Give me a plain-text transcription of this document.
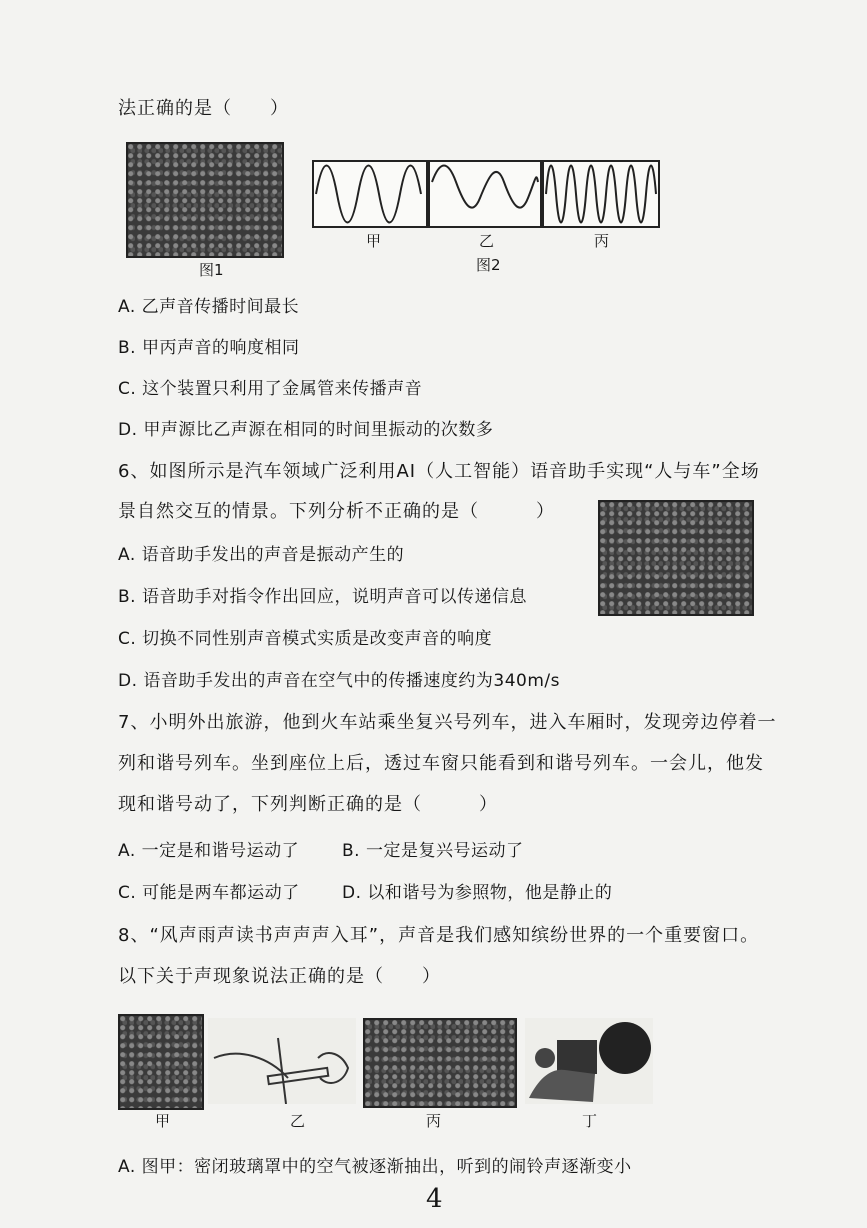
法正确的是（　　）
图1
甲	乙	丙
图2
A. 乙声音传播时间最长
B. 甲丙声音的响度相同
C. 这个装置只利用了金属管来传播声音
D. 甲声源比乙声源在相同的时间里振动的次数多
6、如图所示是汽车领域广泛利用AI（人工智能）语音助手实现“人与车”全场
景自然交互的情景。下列分析不正确的是（　　　）
A. 语音助手发出的声音是振动产生的
B. 语音助手对指令作出回应，说明声音可以传递信息
C. 切换不同性别声音模式实质是改变声音的响度
D. 语音助手发出的声音在空气中的传播速度约为340m/s
7、小明外出旅游，他到火车站乘坐复兴号列车，进入车厢时，发现旁边停着一
列和谐号列车。坐到座位上后，透过车窗只能看到和谐号列车。一会儿，他发
现和谐号动了，下列判断正确的是（　　　）
A. 一定是和谐号运动了	B. 一定是复兴号运动了
C. 可能是两车都运动了 D. 以和谐号为参照物，他是静止的
8、“风声雨声读书声声声入耳”，声音是我们感知缤纷世界的一个重要窗口。
以下关于声现象说法正确的是（　　）
甲	乙	丙	丁
A. 图甲：密闭玻璃罩中的空气被逐渐抽出，听到的闹铃声逐渐变小
4
